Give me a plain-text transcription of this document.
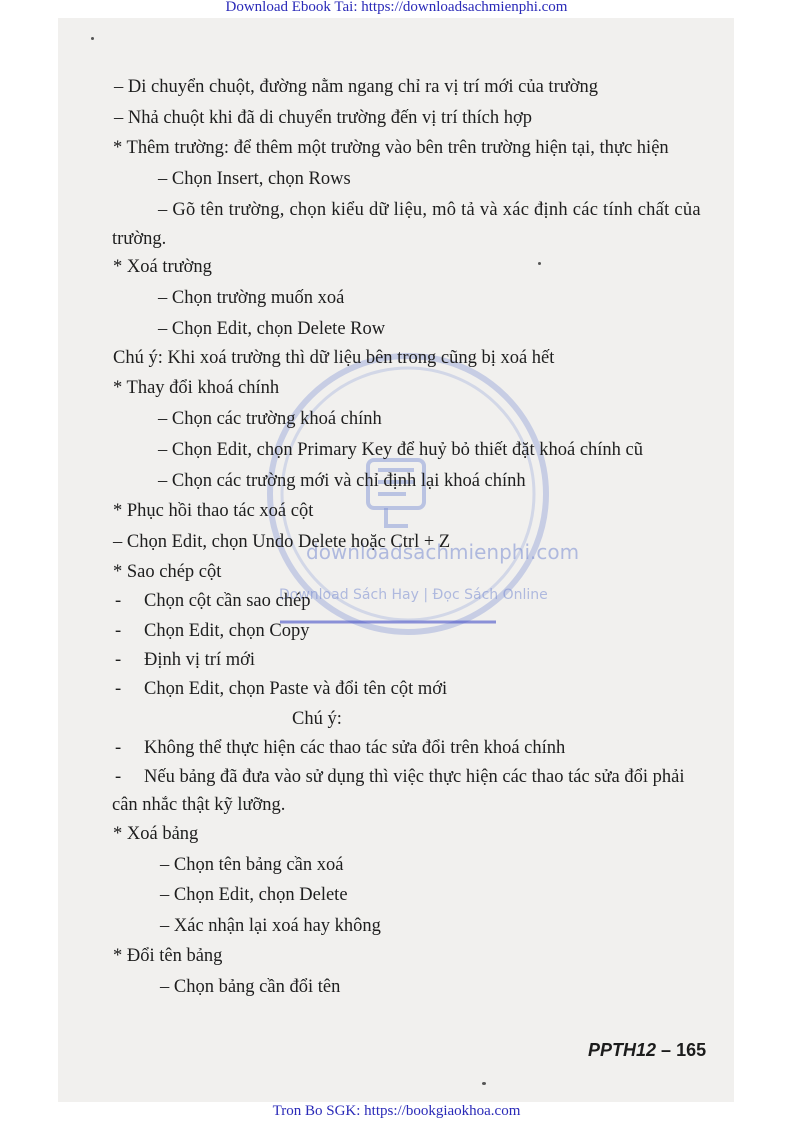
Download Ebook Tai: https://downloadsachmienphi.com
downloadsachmienphi.com
Download Sách Hay | Đọc Sách Online
– Di chuyển chuột, đường nằm ngang chỉ ra vị trí mới của trường
– Nhả chuột khi đã di chuyển trường đến vị trí thích hợp
* Thêm trường: để thêm một trường vào bên trên trường hiện tại, thực hiện
– Chọn Insert, chọn Rows
– Gõ tên trường, chọn kiểu dữ liệu, mô tả và xác định các tính chất của
trường.
* Xoá trường
– Chọn trường muốn xoá
– Chọn Edit, chọn Delete Row
Chú ý: Khi xoá trường thì dữ liệu bên trong cũng bị xoá hết
* Thay đổi khoá chính
– Chọn các trường khoá chính
– Chọn Edit, chọn Primary Key để huỷ bỏ thiết đặt khoá chính cũ
– Chọn các trường mới và chỉ định lại khoá chính
* Phục hồi thao tác xoá cột
– Chọn Edit, chọn Undo Delete hoặc Ctrl + Z
* Sao chép cột
- Chọn cột cần sao chép
- Chọn Edit, chọn Copy
- Định vị trí mới
- Chọn Edit, chọn Paste và đổi tên cột mới
Chú ý:
- Không thể thực hiện các thao tác sửa đổi trên khoá chính
- Nếu bảng đã đưa vào sử dụng thì việc thực hiện các thao tác sửa đổi phải
cân nhắc thật kỹ lưỡng.
* Xoá bảng
– Chọn tên bảng cần xoá
– Chọn Edit, chọn Delete
– Xác nhận lại xoá hay không
* Đổi tên bảng
– Chọn bảng cần đổi tên
PPTH12 – 165
Tron Bo SGK: https://bookgiaokhoa.com
